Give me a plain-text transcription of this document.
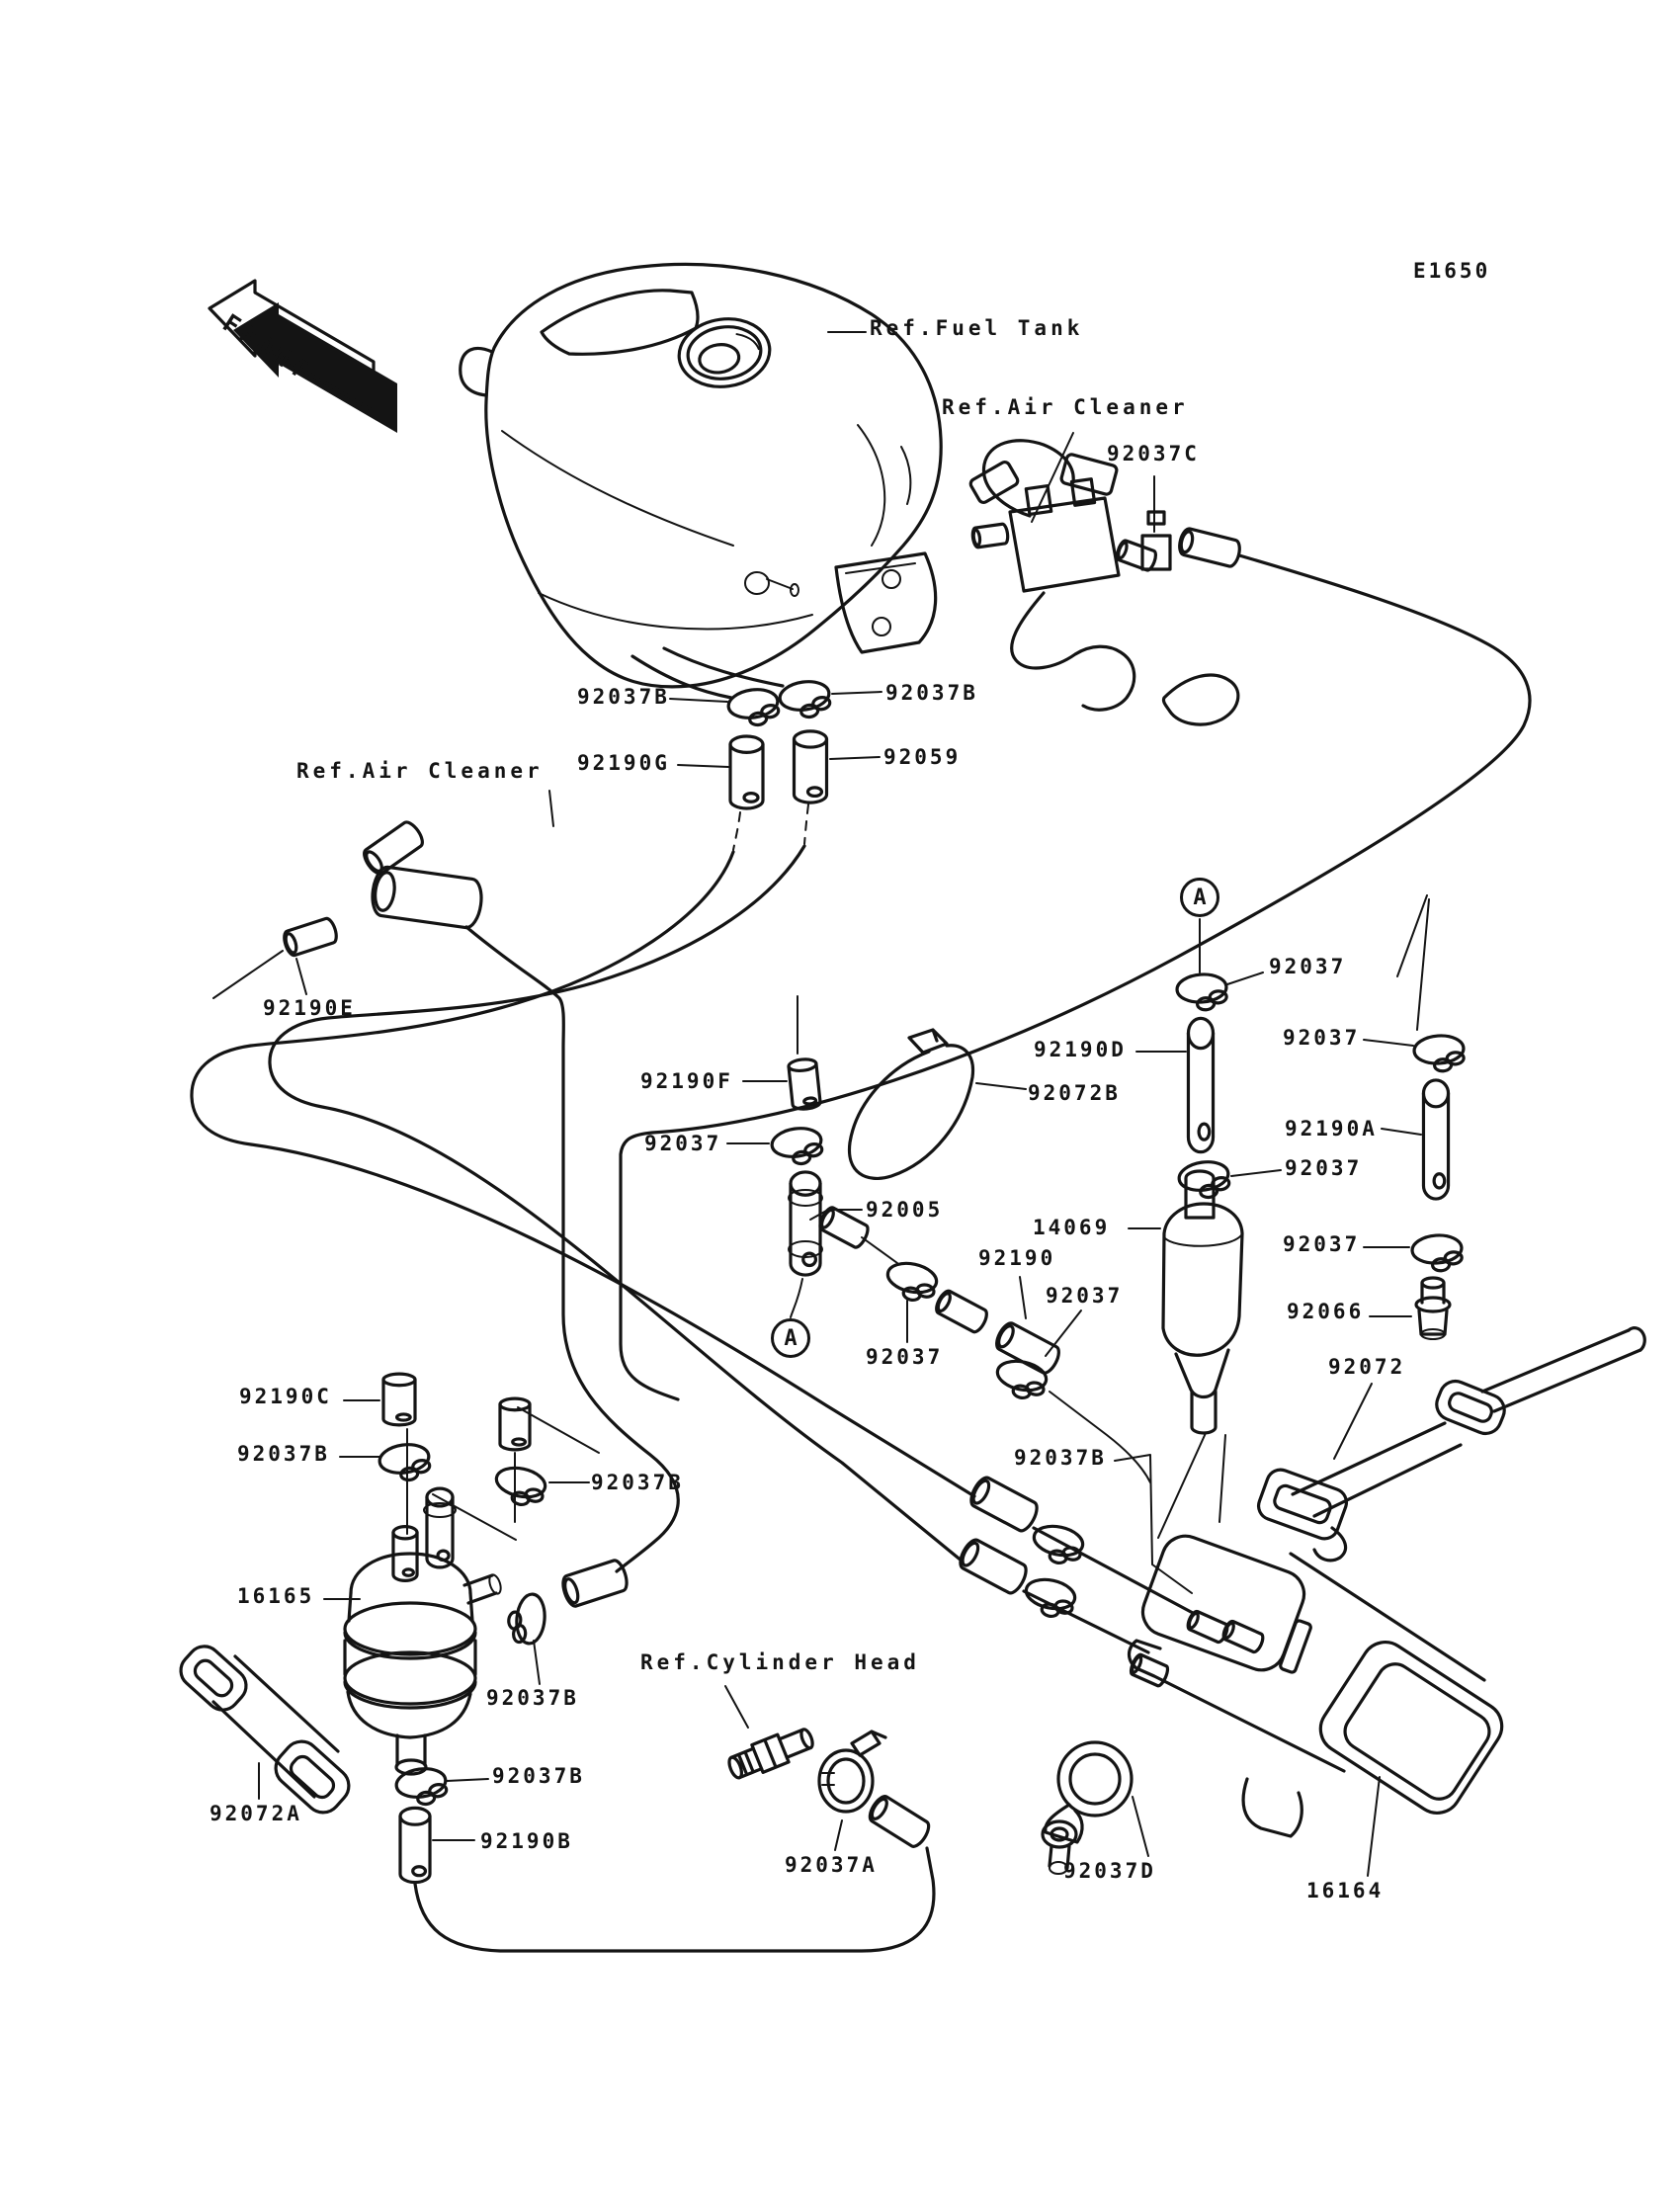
E1650
Ref.Fuel Tank
Ref.Air Cleaner
92037C
92037B	92037B
92190G	92059
Ref.Air Cleaner
92190E
92037
92190D
92072B
92037
92190A
92037
92190F
92037
92005
14069
92190
92037
92037
92037
92066
92072
92190C
92037B
92037B
92037B
16165
92037B
92037B
92072A
92190B
Ref.Cylinder Head
92037A	92037D
16164
A
A
FRONT
